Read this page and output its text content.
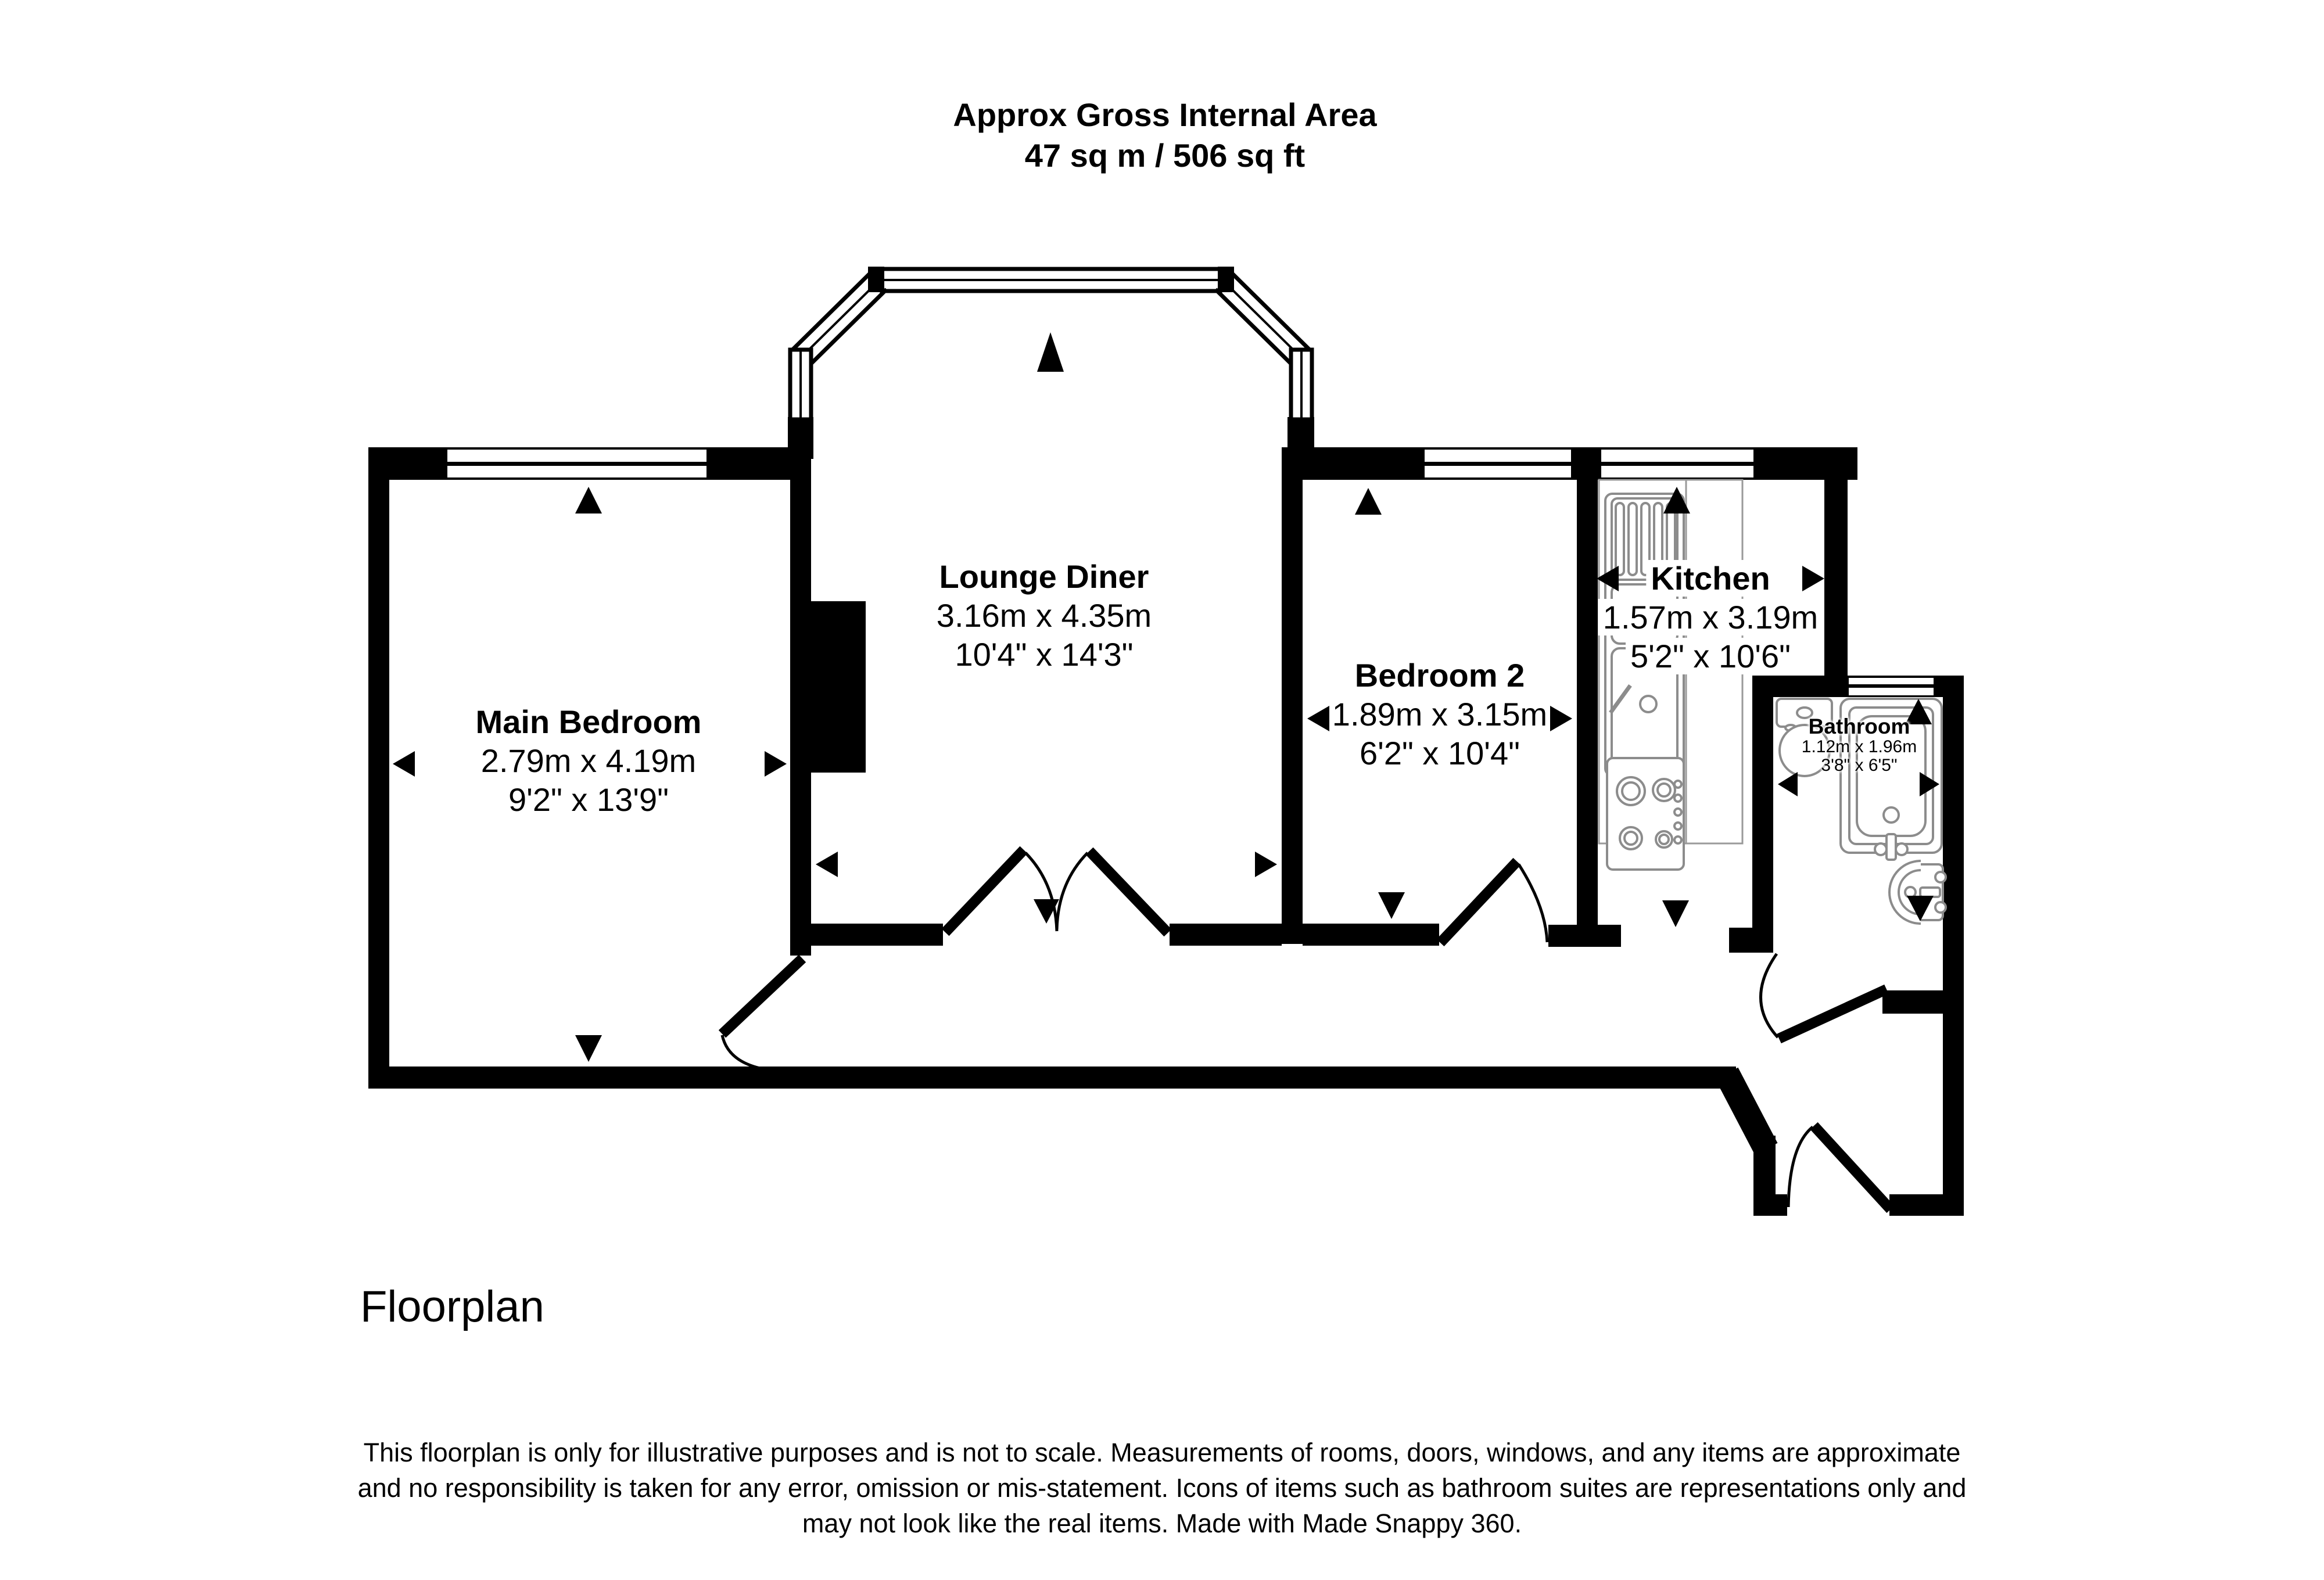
Approx Gross Internal Area
47 sq m / 506 sq ft
Main Bedroom
2.79m x 4.19m
9'2" x 13'9"
Lounge Diner
3.16m x 4.35m
10'4" x 14'3"
Bedroom 2
1.89m x 3.15m
6'2" x 10'4"
Kitchen
1.57m x 3.19m
5'2" x 10'6"
Bathroom
1.12m x 1.96m
3'8" x 6'5"
Floorplan
This floorplan is only for illustrative purposes and is not to scale. Measurements of rooms, doors, windows, and any items are approximate
and no responsibility is taken for any error, omission or mis-statement. Icons of items such as bathroom suites are representations only and
may not look like the real items. Made with Made Snappy 360.
